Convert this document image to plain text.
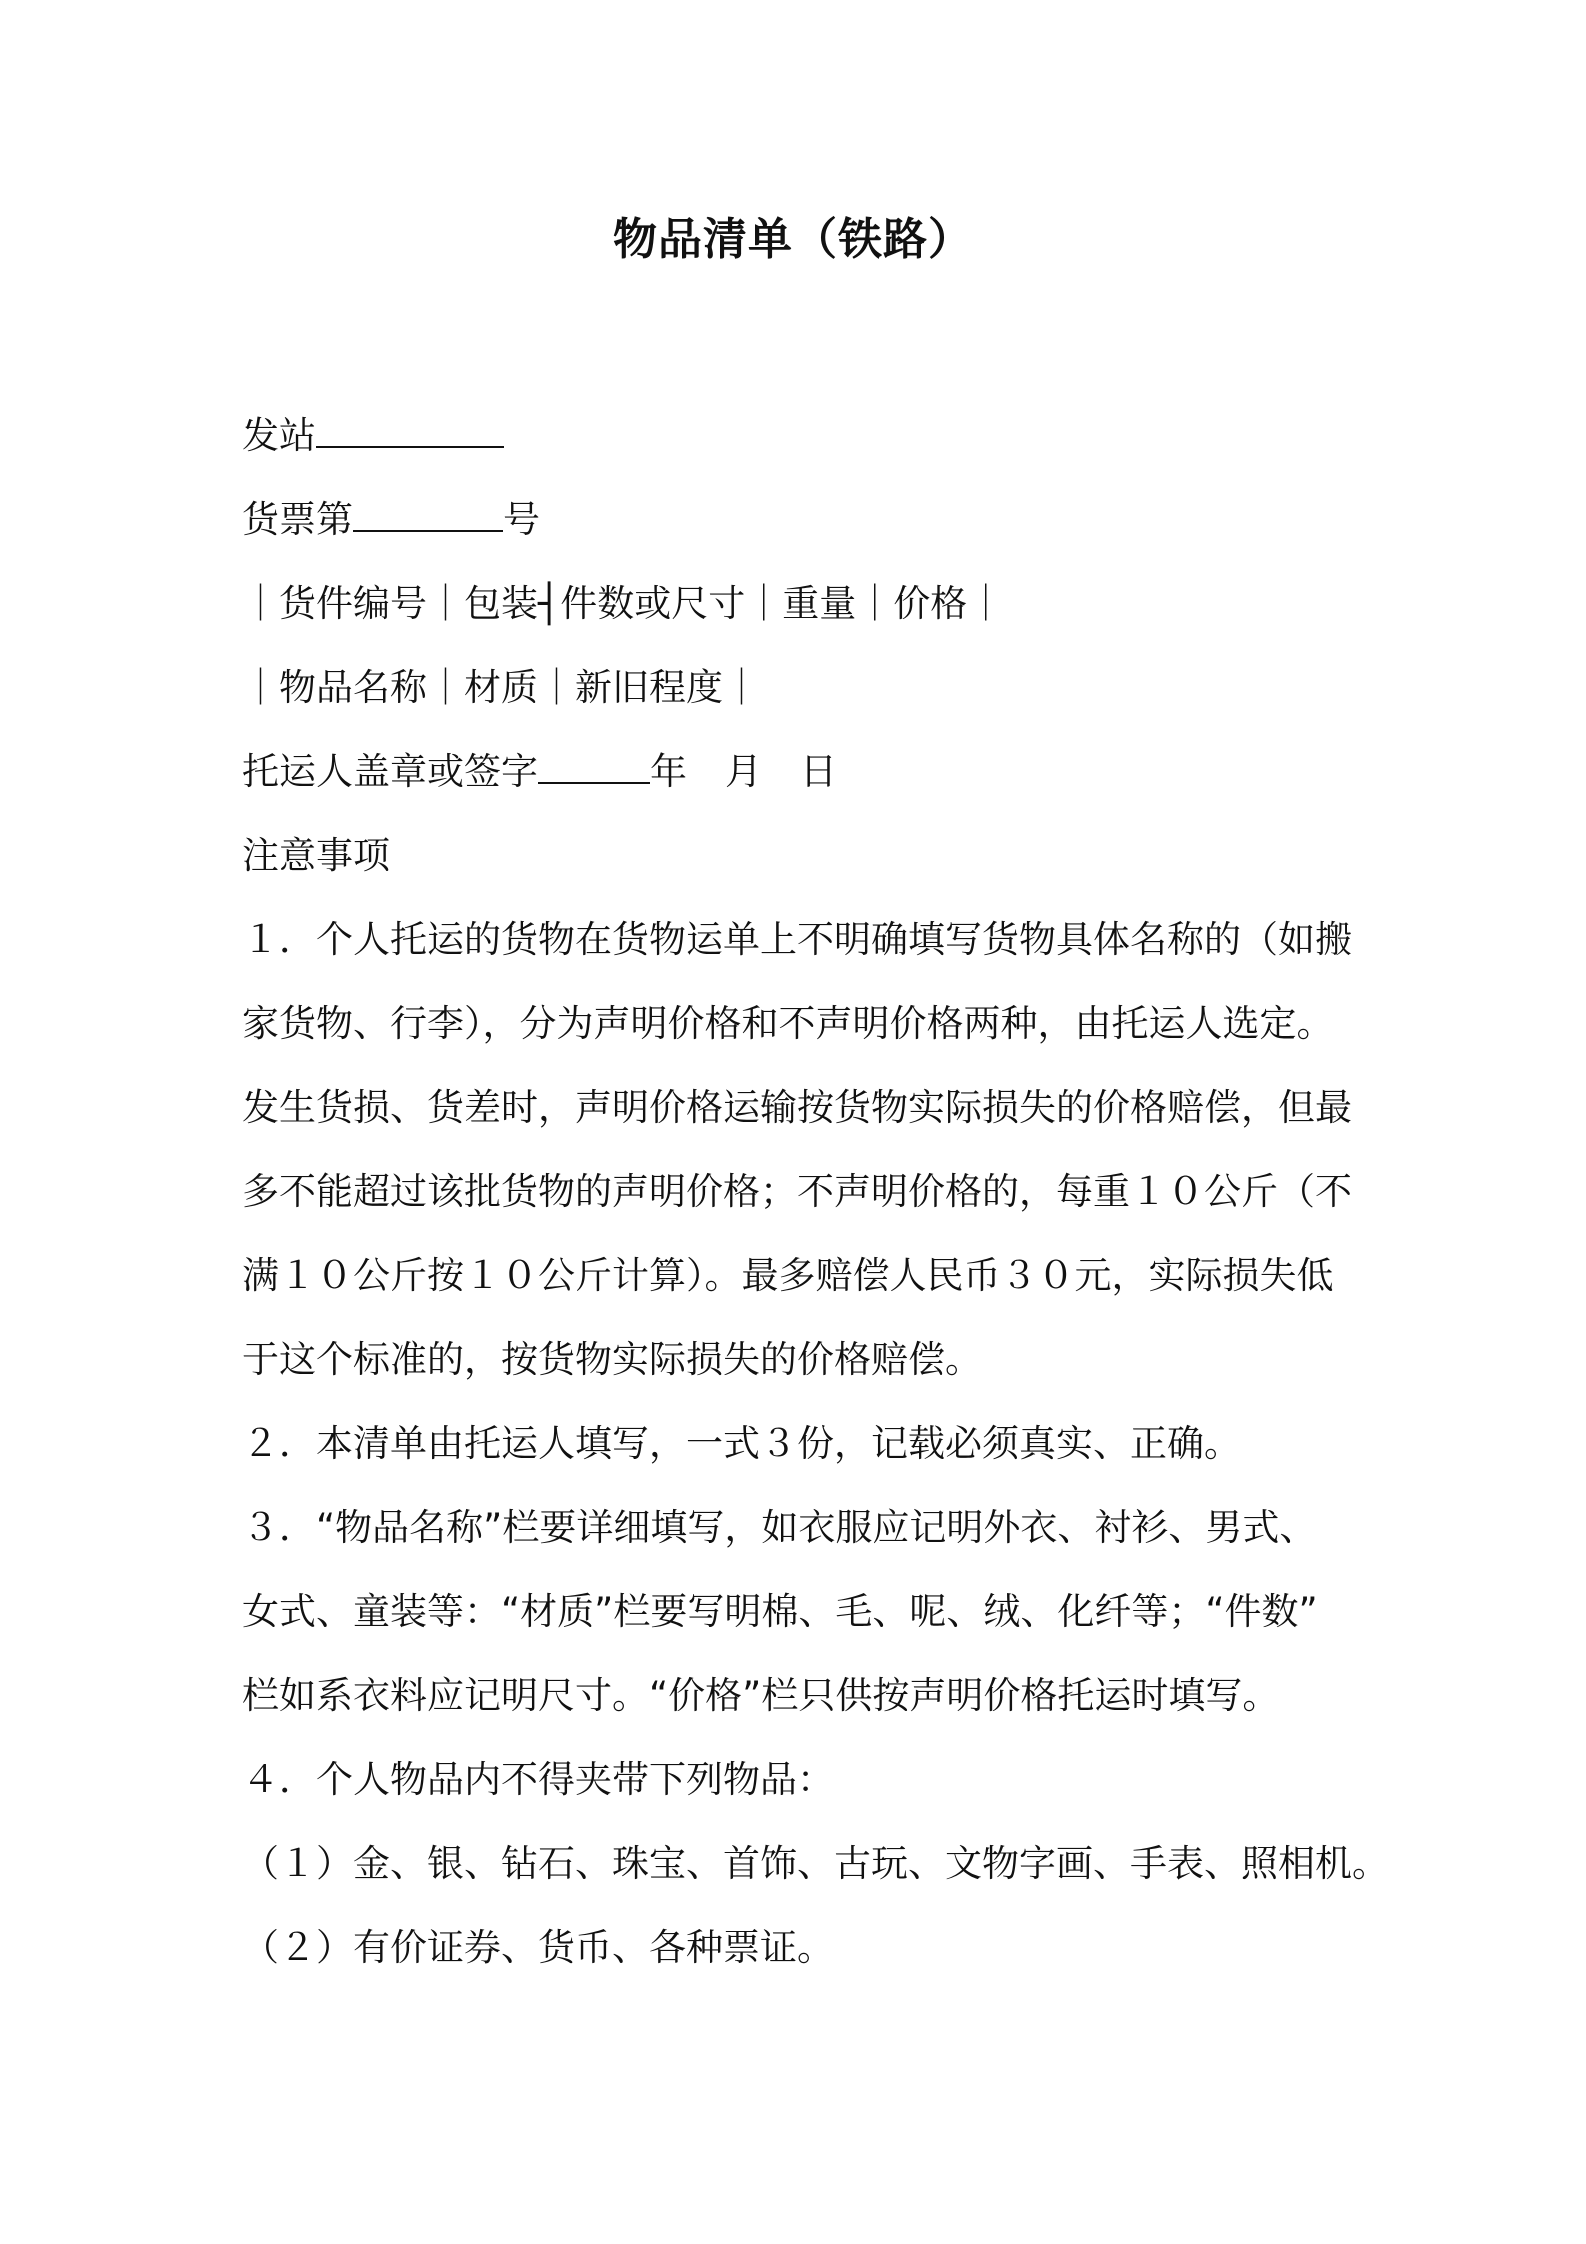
物品清单（铁路）
发站
货票第	号
｜货件编号｜包装┤件数或尺寸｜重量｜价格｜
｜物品名称｜材质｜新旧程度｜
托运人盖章或签字	年 月 日
注意事项
１．个人托运的货物在货物运单上不明确填写货物具体名称的（如搬
家货物、行李），分为声明价格和不声明价格两种，由托运人选定。
发生货损、货差时，声明价格运输按货物实际损失的价格赔偿，但最
多不能超过该批货物的声明价格；不声明价格的，每重１０公斤（不
满１０公斤按１０公斤计算）。最多赔偿人民币３０元，实际损失低
于这个标准的，按货物实际损失的价格赔偿。
２．本清单由托运人填写，一式３份，记载必须真实、正确。
３．“物品名称”栏要详细填写，如衣服应记明外衣、衬衫、男式、
女式、童装等：“材质”栏要写明棉、毛、呢、绒、化纤等；“件数”
栏如系衣料应记明尺寸。“价格”栏只供按声明价格托运时填写。
４．个人物品内不得夹带下列物品：
（１）金、银、钻石、珠宝、首饰、古玩、文物字画、手表、照相机。
（２）有价证券、货币、各种票证。
